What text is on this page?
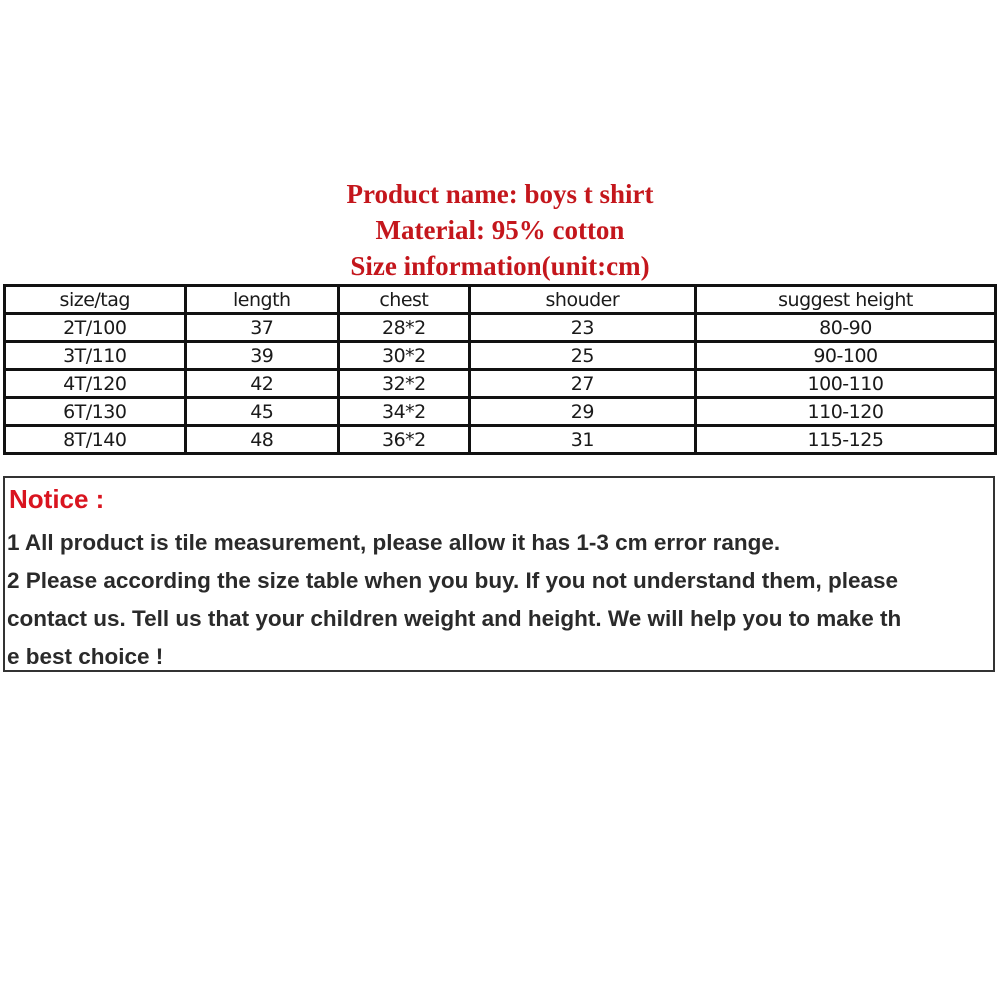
Product name: boys t shirt
Material: 95% cotton
Size information(unit:cm)
size/tag	length	chest	shouder	suggest height
2T/100	37	28*2	23	80-90
3T/110	39	30*2	25	90-100
4T/120	42	32*2	27	100-110
6T/130	45	34*2	29	110-120
8T/140	48	36*2	31	115-125
Notice :
1 All product is tile measurement, please allow it has 1-3 cm error range.
2 Please according the size table when you buy. If you not understand them, please
contact us. Tell us that your children weight and height. We will help you to make th
e best choice !
